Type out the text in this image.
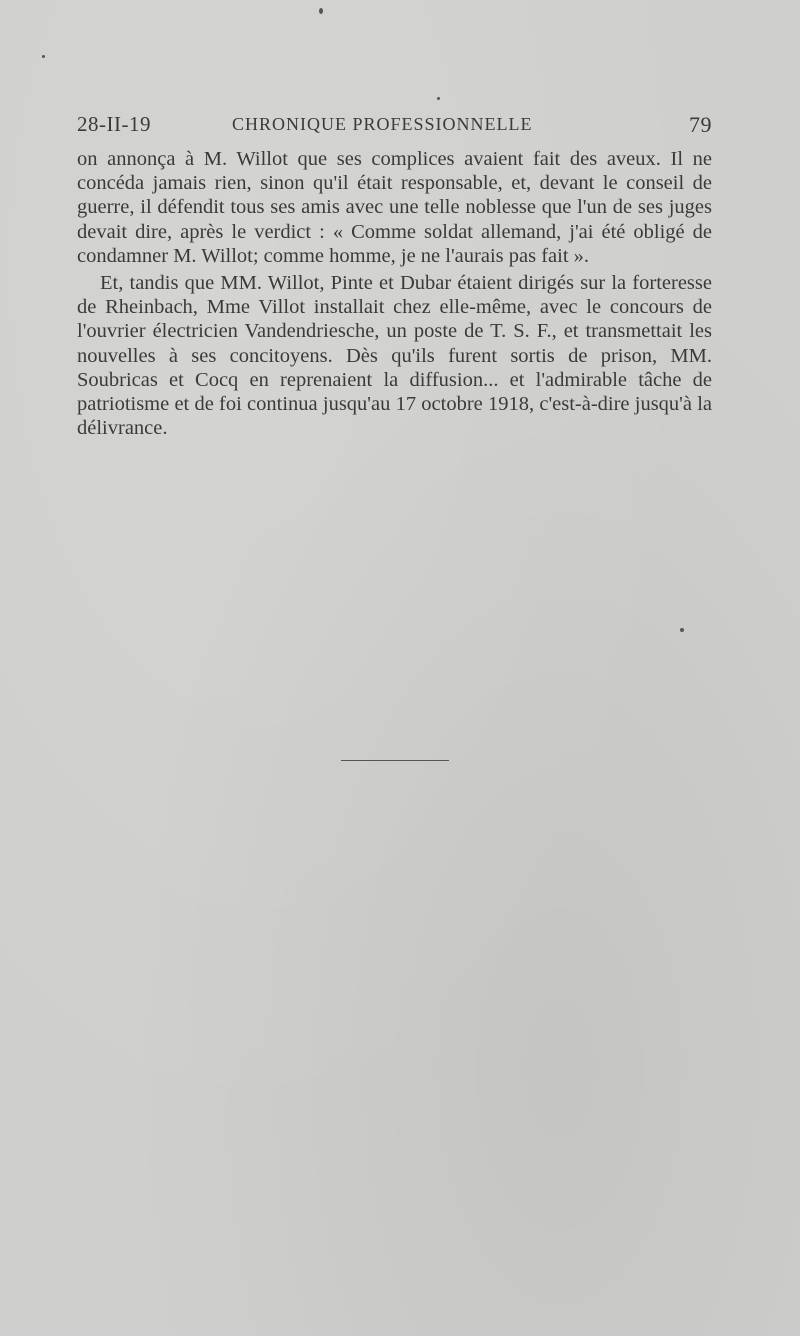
28-II-19	CHRONIQUE PROFESSIONNELLE	79

on annonça à M. Willot que ses complices avaient fait des aveux. Il ne concéda jamais rien, sinon qu'il était responsable, et, devant le conseil de guerre, il défendit tous ses amis avec une telle noblesse que l'un de ses juges devait dire, après le verdict : « Comme soldat allemand, j'ai été obligé de condamner M. Willot; comme homme, je ne l'aurais pas fait ».

Et, tandis que MM. Willot, Pinte et Dubar étaient dirigés sur la forteresse de Rheinbach, Mme Villot installait chez elle-même, avec le concours de l'ouvrier électricien Vandendriesche, un poste de T. S. F., et transmettait les nouvelles à ses concitoyens. Dès qu'ils furent sortis de prison, MM. Soubricas et Cocq en reprenaient la diffusion... et l'admirable tâche de patriotisme et de foi continua jusqu'au 17 octobre 1918, c'est-à-dire jusqu'à la délivrance.
